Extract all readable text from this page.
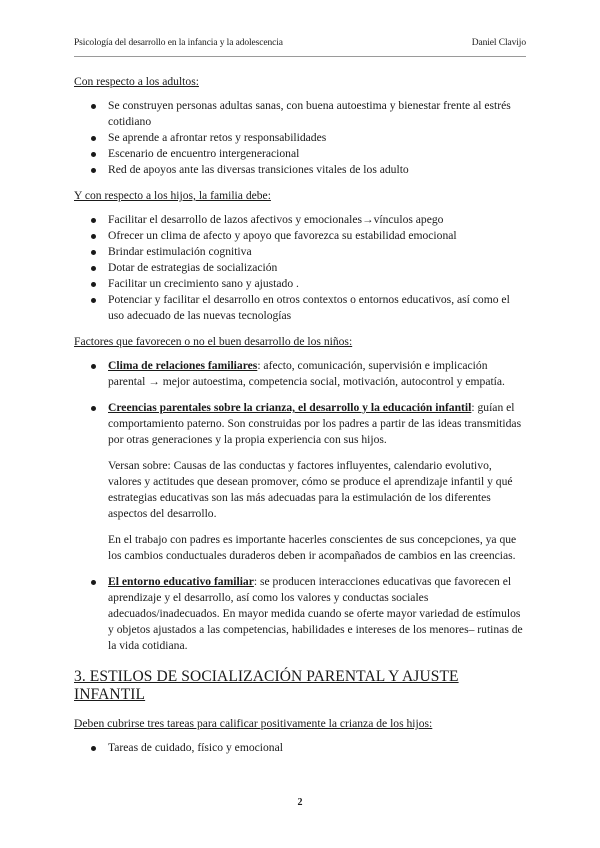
Psicología del desarrollo en la infancia y la adolescencia	Daniel Clavijo
Con respecto a los adultos:
Se construyen personas adultas sanas, con buena autoestima y bienestar frente al estrés cotidiano
Se aprende a afrontar retos y responsabilidades
Escenario de encuentro intergeneracional
Red de apoyos ante las diversas transiciones vitales de los adulto
Y con respecto a los hijos, la familia debe:
Facilitar el desarrollo de lazos afectivos y emocionales→vínculos apego
Ofrecer un clima de afecto y apoyo que favorezca su estabilidad emocional
Brindar estimulación cognitiva
Dotar de estrategias de socialización
Facilitar un crecimiento sano y ajustado .
Potenciar y facilitar el desarrollo en otros contextos o entornos educativos, así como el uso adecuado de las nuevas tecnologías
Factores que favorecen o no el buen desarrollo de los niños:
Clima de relaciones familiares: afecto, comunicación, supervisión e implicación parental → mejor autoestima, competencia social, motivación, autocontrol y empatía.
Creencias parentales sobre la crianza, el desarrollo y la educación infantil: guían el comportamiento paterno. Son construidas por los padres a partir de las ideas transmitidas por otras generaciones y la propia experiencia con sus hijos.

Versan sobre: Causas de las conductas y factores influyentes, calendario evolutivo, valores y actitudes que desean promover, cómo se produce el aprendizaje infantil y qué estrategias educativas son las más adecuadas para la estimulación de los diferentes aspectos del desarrollo.

En el trabajo con padres es importante hacerles conscientes de sus concepciones, ya que los cambios conductuales duraderos deben ir acompañados de cambios en las creencias.

El entorno educativo familiar: se producen interacciones educativas que favorecen el aprendizaje y el desarrollo, así como los valores y conductas sociales adecuados/inadecuados. En mayor medida cuando se oferte mayor variedad de estímulos y objetos ajustados a las competencias, habilidades e intereses de los menores– rutinas de la vida cotidiana.
3. ESTILOS DE SOCIALIZACIÓN PARENTAL Y AJUSTE INFANTIL
Deben cubrirse tres tareas para calificar positivamente la crianza de los hijos:
Tareas de cuidado, físico y emocional
2
